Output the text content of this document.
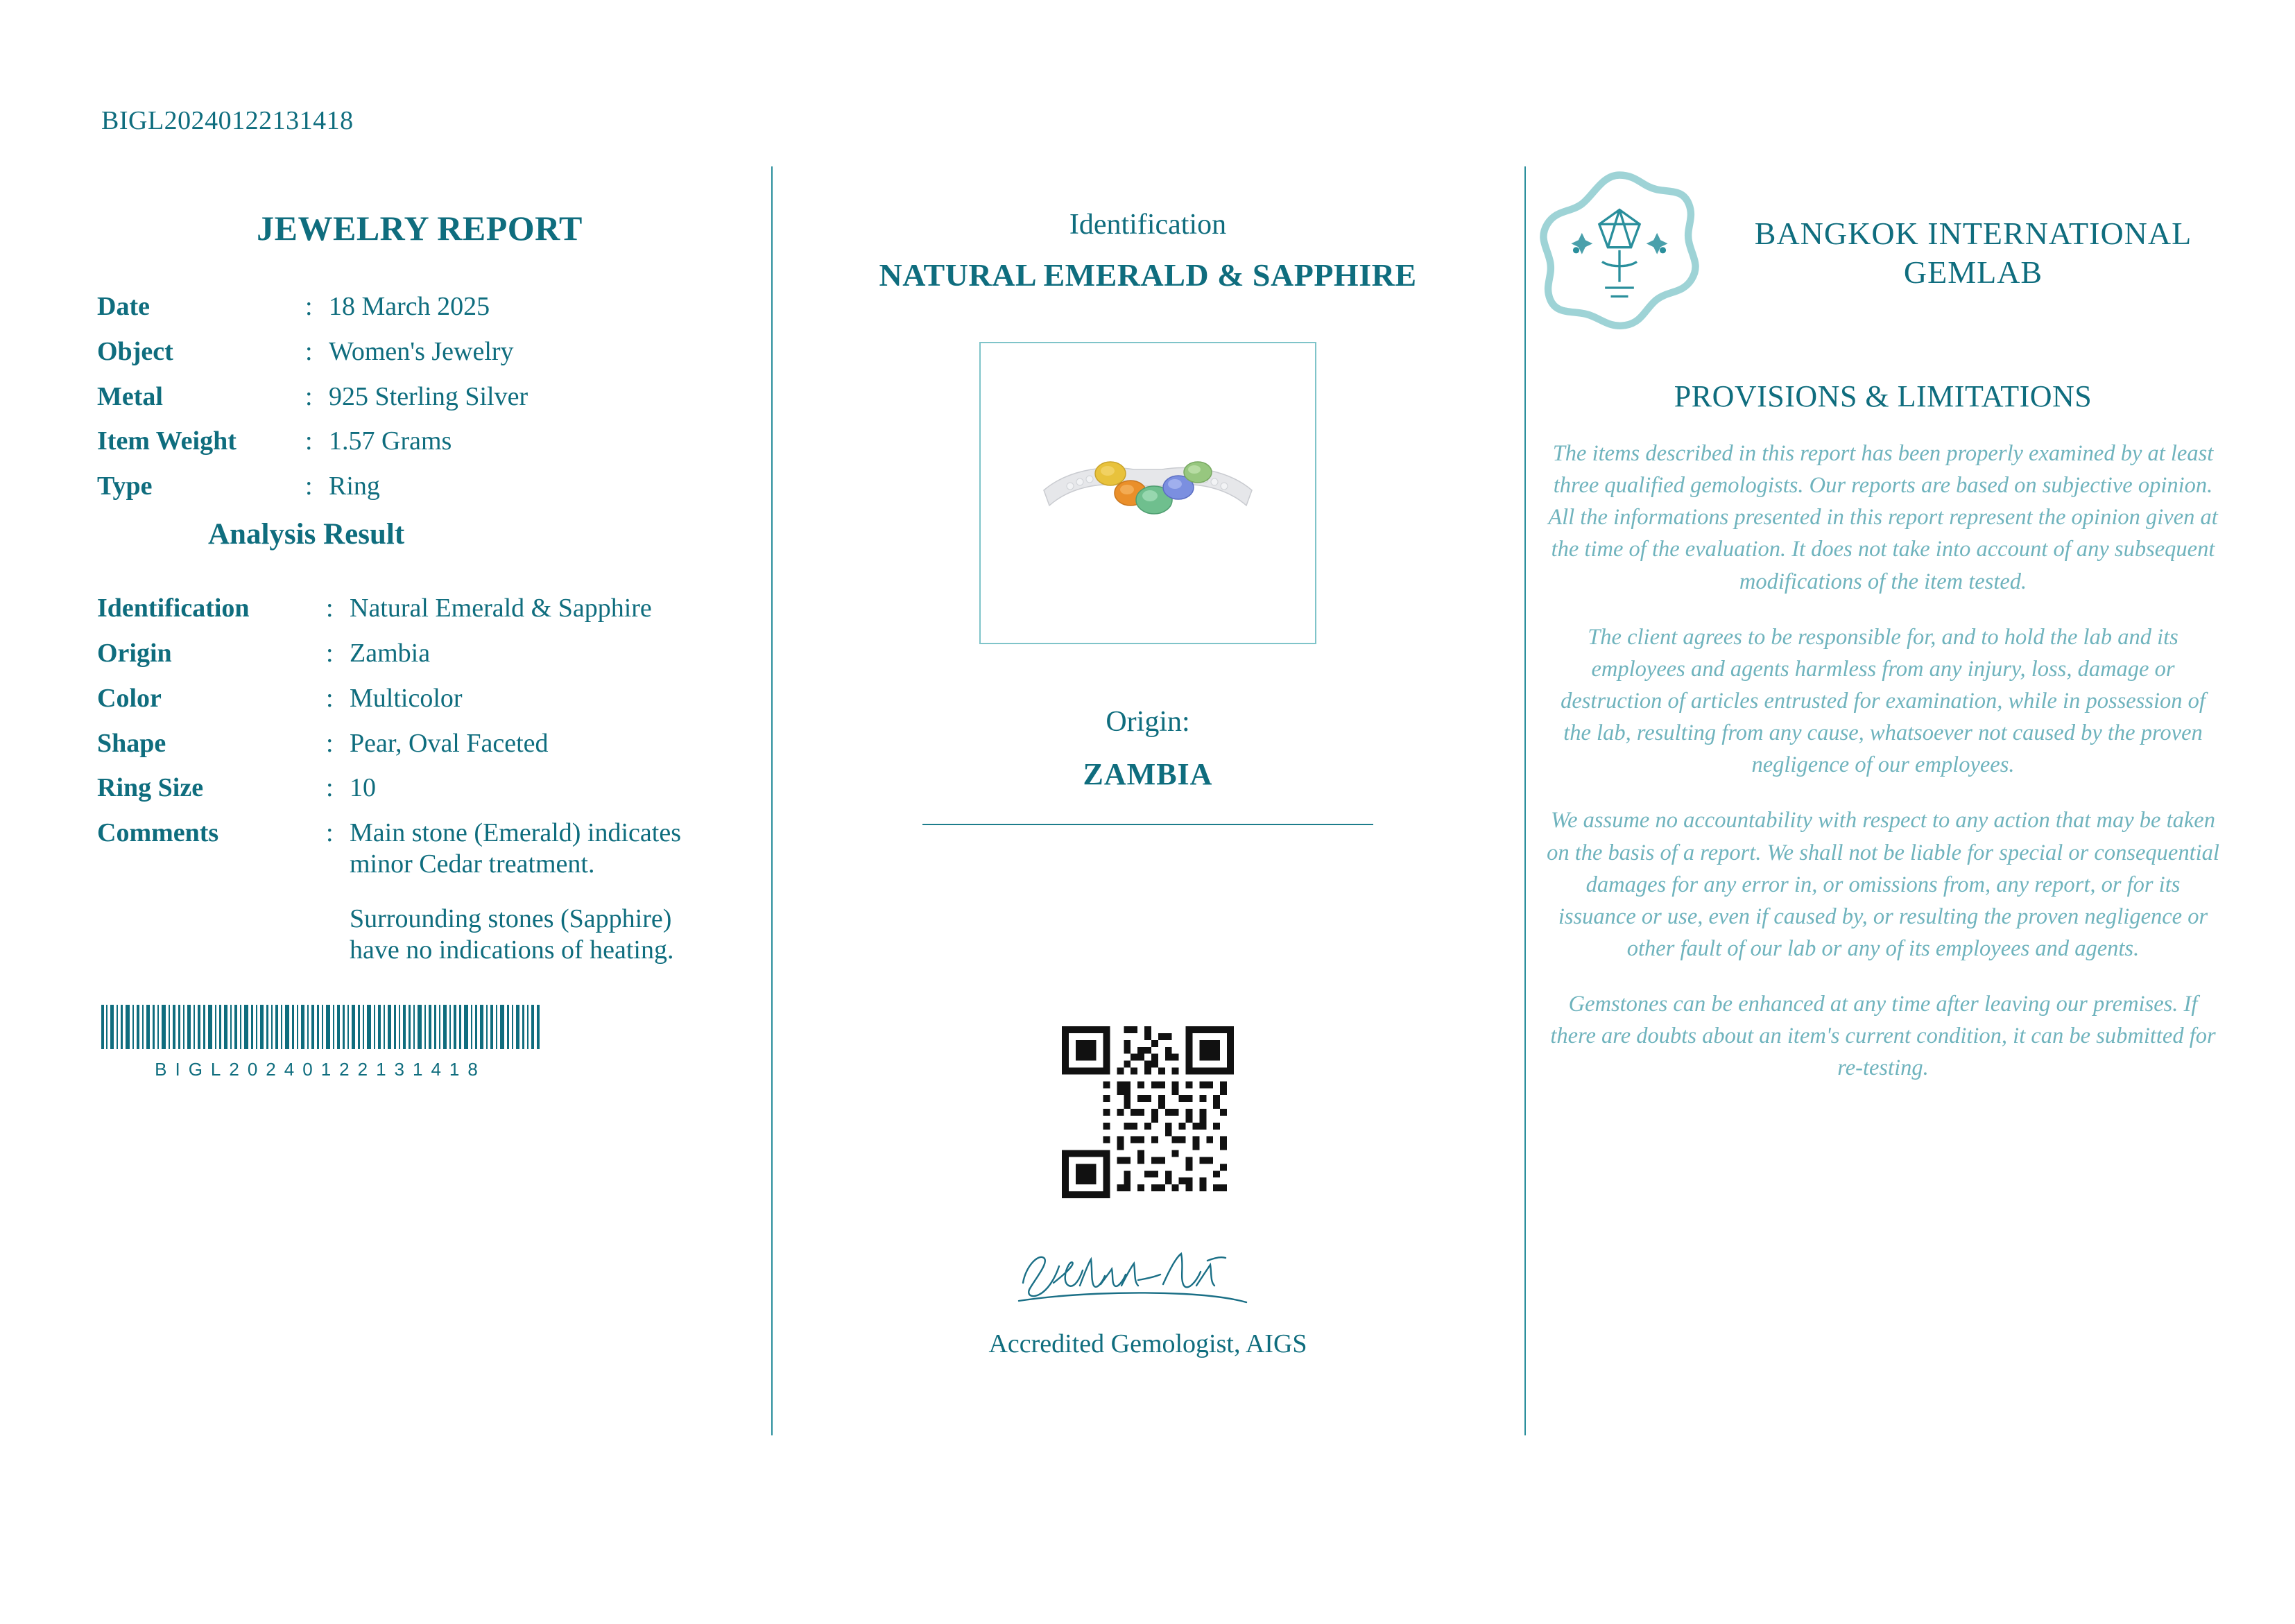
BIGL20240122131418
JEWELRY REPORT
Date	: 18 March 2025
Object	: Women's Jewelry
Metal	: 925 Sterling Silver
Item Weight	: 1.57 Grams
Type	: Ring
Analysis Result
Identification	: Natural Emerald & Sapphire
Origin	: Zambia
Color	: Multicolor
Shape	: Pear, Oval Faceted
Ring Size	: 10
Comments	: Main stone (Emerald) indicates minor Cedar treatment.

Surrounding stones (Sapphire) have no indications of heating.

BIGL20240122131418
Identification
NATURAL EMERALD & SAPPHIRE
Origin:
ZAMBIA
Accredited Gemologist, AIGS
BANGKOK INTERNATIONAL GEMLAB
PROVISIONS & LIMITATIONS

The items described in this report has been properly examined by at least three qualified gemologists. Our reports are based on subjective opinion. All the informations presented in this report represent the opinion given at the time of the evaluation. It does not take into account of any subsequent modifications of the item tested.

The client agrees to be responsible for, and to hold the lab and its employees and agents harmless from any injury, loss, damage or destruction of articles entrusted for examination, while in possession of the lab, resulting from any cause, whatsoever not caused by the proven negligence of our employees.

We assume no accountability with respect to any action that may be taken on the basis of a report. We shall not be liable for special or consequential damages for any error in, or omissions from, any report, or for its issuance or use, even if caused by, or resulting the proven negligence or other fault of our lab or any of its employees and agents.

Gemstones can be enhanced at any time after leaving our premises. If there are doubts about an item's current condition, it can be submitted for re-testing.
